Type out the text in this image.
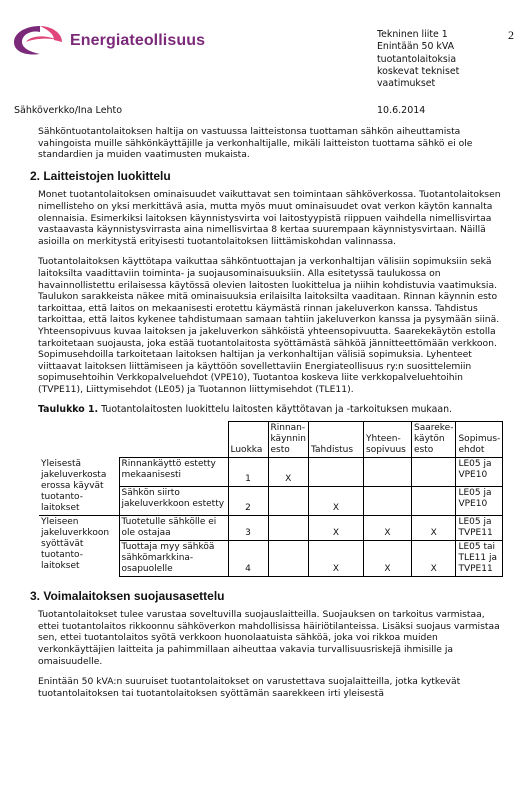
Energiateollisuus	Tekninen liite 1
Enintään 50 kVA
tuotantolaitoksia
koskevat tekniset
vaatimukset
2
Sähköverkko/Ina Lehto	10.6.2014

Sähköntuotantolaitoksen haltija on vastuussa laitteistonsa tuottaman sähkön aiheuttamista vahingoista muille sähkönkäyttäjille ja verkonhaltijalle, mikäli laitteiston tuottama sähkö ei ole standardien ja muiden vaatimusten mukaista.

2. Laitteistojen luokittelu

Monet tuotantolaitoksen ominaisuudet vaikuttavat sen toimintaan sähköverkossa. Tuotantolaitoksen nimellisteho on yksi merkittävä asia, mutta myös muut ominaisuudet ovat verkon käytön kannalta olennaisia. Esimerkiksi laitoksen käynnistysvirta voi laitostyypistä riippuen vaihdella nimellisvirtaa vastaavasta käynnistysvirrasta aina nimellisvirtaa 8 kertaa suurempaan käynnistysvirtaan. Näillä asioilla on merkitystä erityisesti tuotantolaitoksen liittämiskohdan valinnassa.

Tuotantolaitoksen käyttötapa vaikuttaa sähköntuottajan ja verkonhaltijan välisiin sopimuksiin sekä laitoksilta vaadittaviin toiminta- ja suojausominaisuuksiin. Alla esitetyssä taulukossa on havainnollistettu erilaisessa käytössä olevien laitosten luokittelua ja niihin kohdistuvia vaatimuksia. Taulukon sarakkeista näkee mitä ominaisuuksia erilaisilta laitoksilta vaaditaan. Rinnan käynnin esto tarkoittaa, että laitos on mekaanisesti erotettu käymästä rinnan jakeluverkon kanssa. Tahdistus tarkoittaa, että laitos kykenee tahdistumaan samaan tahtiin jakeluverkon kanssa ja pysymään siinä. Yhteensopivuus kuvaa laitoksen ja jakeluverkon sähköistä yhteensopivuutta. Saarekekäytön estolla tarkoitetaan suojausta, joka estää tuotantolaitosta syöttämästä sähköä jännitteettömään verkkoon. Sopimusehdoilla tarkoitetaan laitoksen haltijan ja verkonhaltijan välisiä sopimuksia. Lyhenteet viittaavat laitoksen liittämiseen ja käyttöön sovellettaviin Energiateollisuus ry:n suosittelemiin sopimusehtoihin Verkkopalveluehdot (VPE10), Tuotantoa koskeva liite verkkopalveluehtoihin (TVPE11), Liittymisehdot (LE05) ja Tuotannon liittymisehdot (TLE11).

Taulukko 1. Tuotantolaitosten luokittelu laitosten käyttötavan ja -tarkoituksen mukaan.
		Luokka	Rinnan-käynnin esto	Tahdistus	Yhteen-sopivuus	Saareke-käytön esto	Sopimus-ehdot
Yleisestä jakeluverkosta erossa käyvät tuotanto-laitokset	Rinnankäyttö estetty mekaanisesti	1	X				LE05 ja VPE10
	Sähkön siirto jakeluverkkoon estetty	2		X			LE05 ja VPE10
Yleiseen jakeluverkkoon syöttävät tuotanto-laitokset	Tuotetulle sähkölle ei ole ostajaa	3		X	X	X	LE05 ja TVPE11
	Tuottaja myy sähköä sähkömarkkina-osapuolelle	4		X	X	X	LE05 tai TLE11 ja TVPE11
3. Voimalaitoksen suojausasettelu

Tuotantolaitokset tulee varustaa soveltuvilla suojauslaitteilla. Suojauksen on tarkoitus varmistaa, ettei tuotantolaitos rikkoonnu sähköverkon mahdollisissa häiriötilanteissa. Lisäksi suojaus varmistaa sen, ettei tuotantolaitos syötä verkkoon huonolaatuista sähköä, joka voi rikkoa muiden verkonkäyttäjien laitteita ja pahimmillaan aiheuttaa vakavia turvallisuusriskejä ihmisille ja omaisuudelle.

Enintään 50 kVA:n suuruiset tuotantolaitokset on varustettava suojalaitteilla, jotka kytkevät tuotantolaitoksen tai tuotantolaitoksen syöttämän saarekkeen irti yleisestä
